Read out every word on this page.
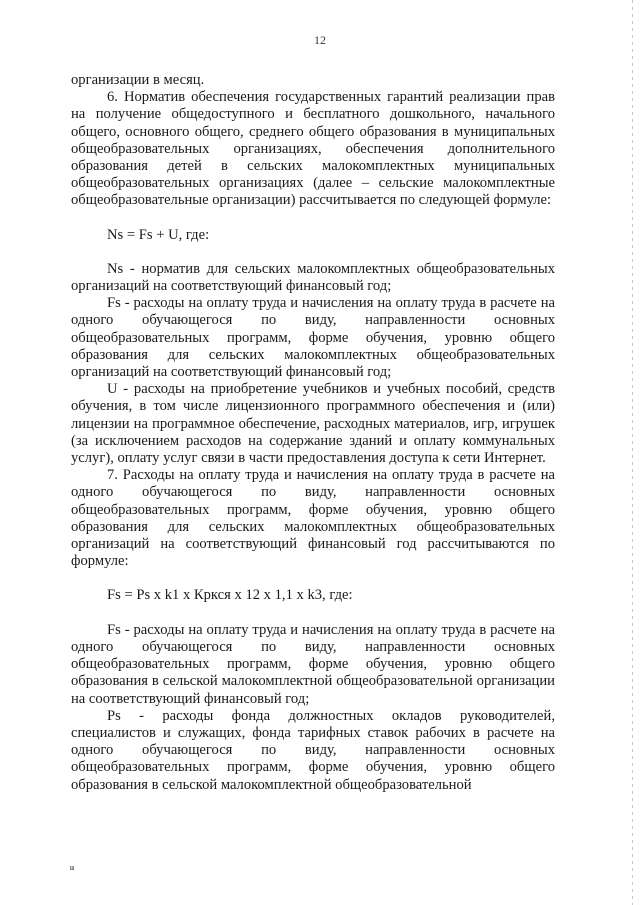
12

организации в месяц.

6. Норматив обеспечения государственных гарантий реализации прав на получение общедоступного и бесплатного дошкольного, начального общего, основного общего, среднего общего образования в муниципальных общеобразовательных организациях, обеспечения дополнительного образования детей в сельских малокомплектных муниципальных общеобразовательных организациях (далее – сельские малокомплектные общеобразовательные организации) рассчитывается по следующей формуле:

Ns = Fs + U, где:

Ns - норматив для сельских малокомплектных общеобразовательных организаций на соответствующий финансовый год;

Fs - расходы на оплату труда и начисления на оплату труда в расчете на одного обучающегося по виду, направленности основных общеобразовательных программ, форме обучения, уровню общего образования для сельских малокомплектных общеобразовательных организаций на соответствующий финансовый год;

U - расходы на приобретение учебников и учебных пособий, средств обучения, в том числе лицензионного программного обеспечения и (или) лицензии на программное обеспечение, расходных материалов, игр, игрушек (за исключением расходов на содержание зданий и оплату коммунальных услуг), оплату услуг связи в части предоставления доступа к сети Интернет.

7. Расходы на оплату труда и начисления на оплату труда в расчете на одного обучающегося по виду, направленности основных общеобразовательных программ, форме обучения, уровню общего образования для сельских малокомплектных общеобразовательных организаций на соответствующий финансовый год рассчитываются по формуле:

Fs = Ps x k1 x Кркся x 12 x 1,1 x k3, где:

Fs - расходы на оплату труда и начисления на оплату труда в расчете на одного обучающегося по виду, направленности основных общеобразовательных программ, форме обучения, уровню общего образования в сельской малокомплектной общеобразовательной организации на соответствующий финансовый год;

Ps - расходы фонда должностных окладов руководителей, специалистов и служащих, фонда тарифных ставок рабочих в расчете на одного обучающегося по виду, направленности основных общеобразовательных программ, форме обучения, уровню общего образования в сельской малокомплектной общеобразовательной

ш
